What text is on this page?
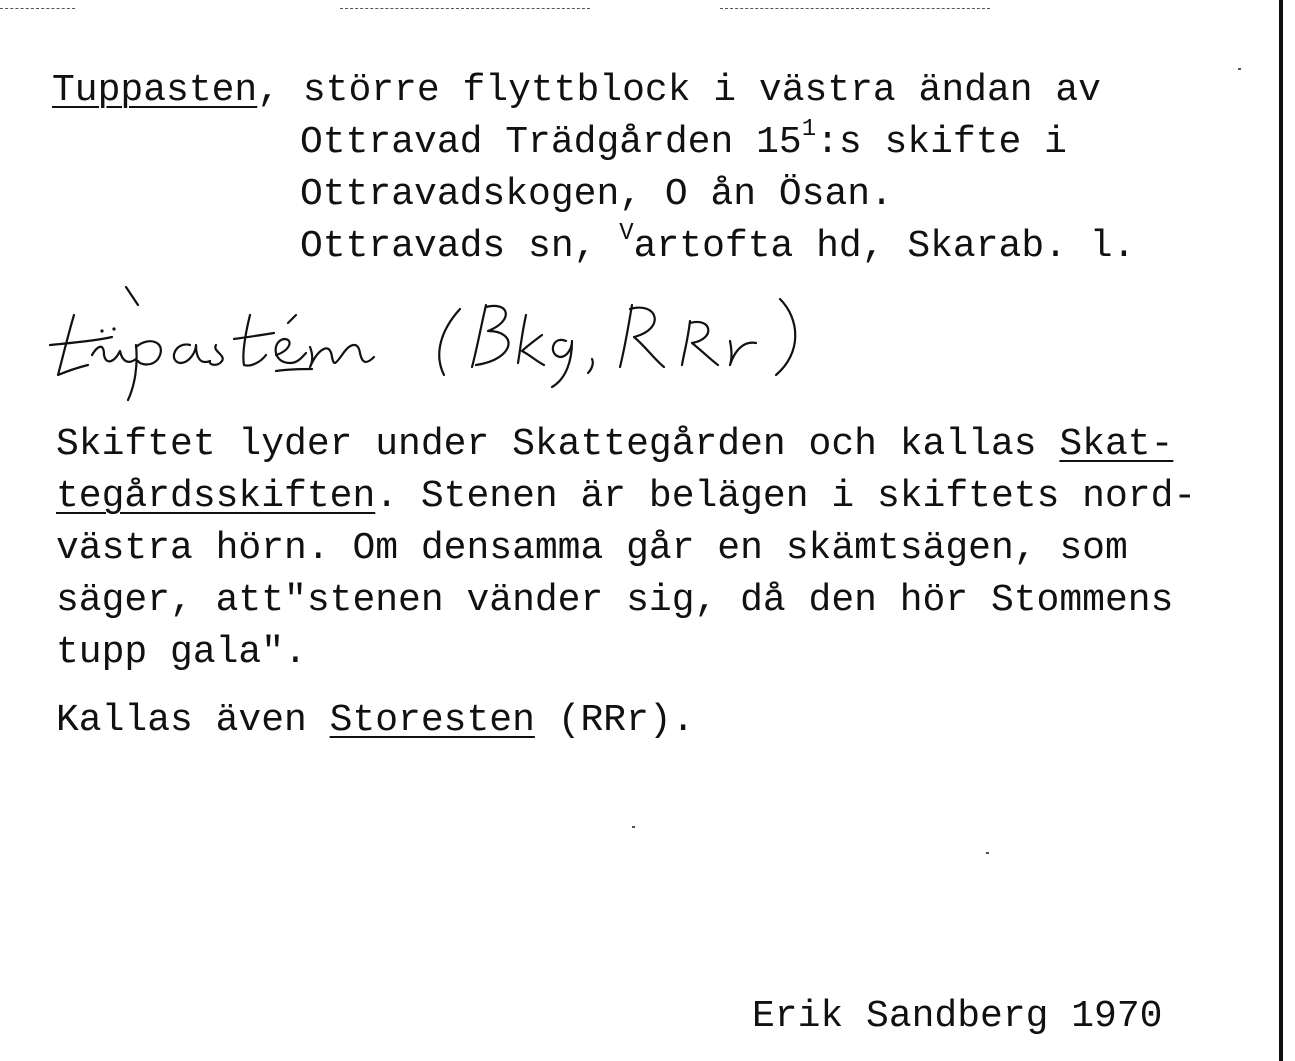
Tuppasten, större flyttblock i västra ändan av
Ottravad Trädgården $15^1:s$ skifte i
Ottravadskogen, O ån Ösan.
Ottravads sn, $^V$artofta hd, Skarab. l.
Skiftet lyder under Skattegården och kallas Skat-
tegårdsskiften. Stenen är belägen i skiftets nord-
västra hörn. Om densamma går en skämtsägen, som
säger, att"stenen vänder sig, då den hör Stommens
tupp gala".
Kallas även Storesten (RRr).
Erik Sandberg 1970
